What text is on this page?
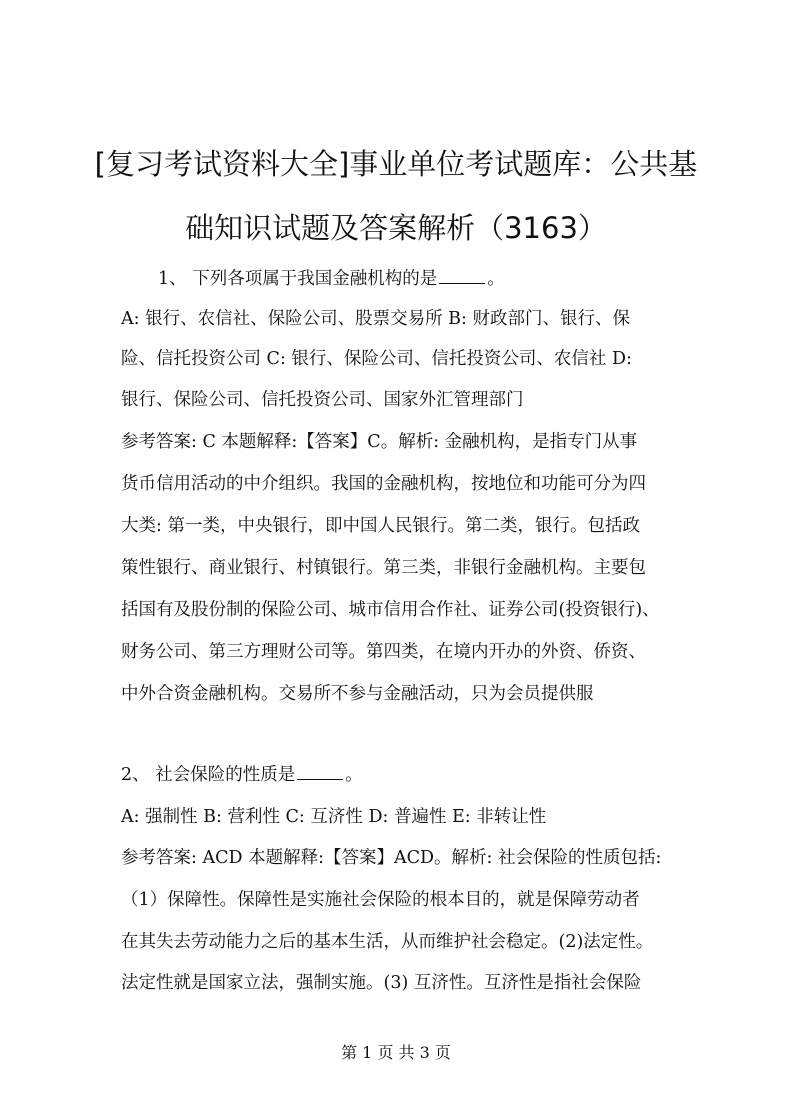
[复习考试资料大全]事业单位考试题库：公共基
础知识试题及答案解析（3163）
1、 下列各项属于我国金融机构的是	。
A: 银行、农信社、保险公司、股票交易所 B: 财政部门、银行、保
险、信托投资公司 C: 银行、保险公司、信托投资公司、农信社 D:
银行、保险公司、信托投资公司、国家外汇管理部门
参考答案: C 本题解释:【答案】C。解析: 金融机构，是指专门从事
货币信用活动的中介组织。我国的金融机构，按地位和功能可分为四
大类: 第一类，中央银行，即中国人民银行。第二类，银行。包括政
策性银行、商业银行、村镇银行。第三类，非银行金融机构。主要包
括国有及股份制的保险公司、城市信用合作社、证券公司(投资银行)、
财务公司、第三方理财公司等。第四类，在境内开办的外资、侨资、
中外合资金融机构。交易所不参与金融活动，只为会员提供服
2、 社会保险的性质是	。
A: 强制性 B: 营利性 C: 互济性 D: 普遍性 E: 非转让性
参考答案: ACD 本题解释:【答案】ACD。解析: 社会保险的性质包括:
（1）保障性。保障性是实施社会保险的根本目的，就是保障劳动者
在其失去劳动能力之后的基本生活，从而维护社会稳定。(2)法定性。
法定性就是国家立法，强制实施。(3) 互济性。互济性是指社会保险
第 1 页 共 3 页
